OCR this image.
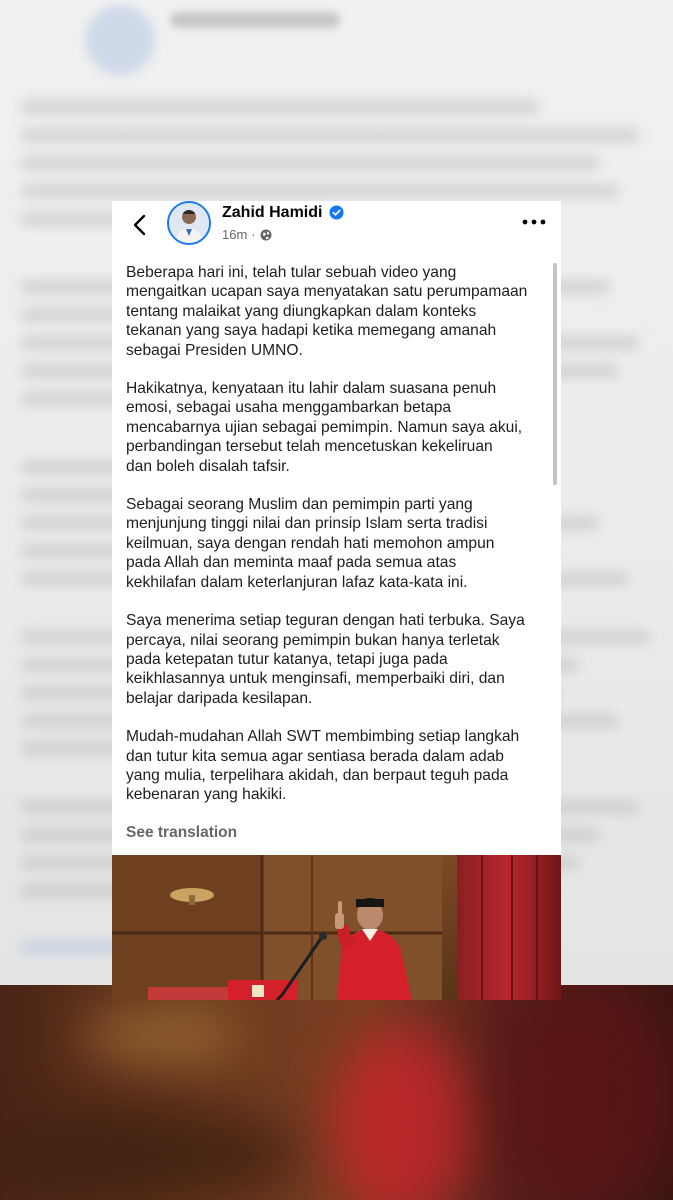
Zahid Hamidi
16m ·

Beberapa hari ini, telah tular sebuah video yang
mengaitkan ucapan saya menyatakan satu perumpamaan
tentang malaikat yang diungkapkan dalam konteks
tekanan yang saya hadapi ketika memegang amanah
sebagai Presiden UMNO.

Hakikatnya, kenyataan itu lahir dalam suasana penuh
emosi, sebagai usaha menggambarkan betapa
mencabarnya ujian sebagai pemimpin. Namun saya akui,
perbandingan tersebut telah mencetuskan kekeliruan
dan boleh disalah tafsir.

Sebagai seorang Muslim dan pemimpin parti yang
menjunjung tinggi nilai dan prinsip Islam serta tradisi
keilmuan, saya dengan rendah hati memohon ampun
pada Allah dan meminta maaf pada semua atas
kekhilafan dalam keterlanjuran lafaz kata-kata ini.

Saya menerima setiap teguran dengan hati terbuka. Saya
percaya, nilai seorang pemimpin bukan hanya terletak
pada ketepatan tutur katanya, tetapi juga pada
keikhlasannya untuk menginsafi, memperbaiki diri, dan
belajar daripada kesilapan.

Mudah-mudahan Allah SWT membimbing setiap langkah
dan tutur kita semua agar sentiasa berada dalam adab
yang mulia, terpelihara akidah, dan berpaut teguh pada
kebenaran yang hakiki.

See translation
